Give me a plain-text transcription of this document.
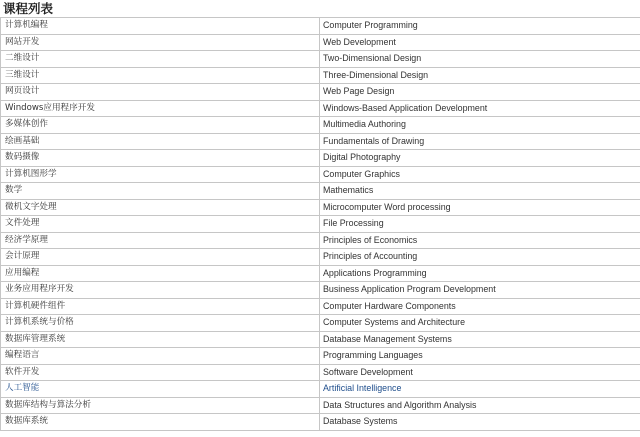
课程列表
计算机编程	Computer Programming
网站开发	Web Development
二维设计	Two-Dimensional Design
三维设计	Three-Dimensional Design
网页设计	Web Page Design
Windows应用程序开发	Windows-Based Application Development
多媒体创作	Multimedia Authoring
绘画基础	Fundamentals of Drawing
数码摄像	Digital Photography
计算机图形学	Computer Graphics
数学	Mathematics
微机文字处理	Microcomputer Word processing
文件处理	File Processing
经济学原理	Principles of Economics
会计原理	Principles of Accounting
应用编程	Applications Programming
业务应用程序开发	Business Application Program Development
计算机硬件组件	Computer Hardware Components
计算机系统与价格	Computer Systems and Architecture
数据库管理系统	Database Management Systems
编程语言	Programming Languages
软件开发	Software Development
人工智能	Artificial Intelligence
数据库结构与算法分析	Data Structures and Algorithm Analysis
数据库系统	Database Systems
